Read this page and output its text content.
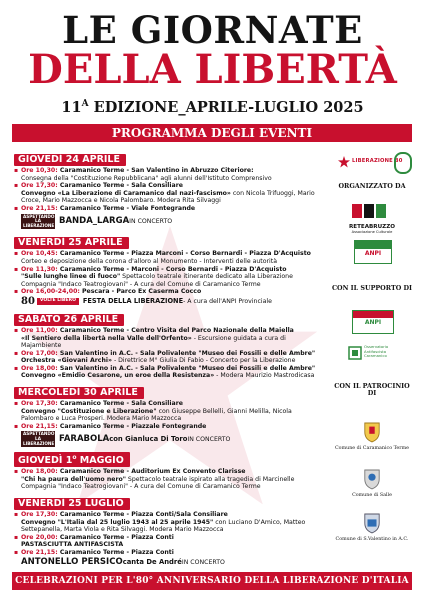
LE GIORNATE
DELLA LIBERTÀ
$11^A$ EDIZIONE_APRILE-LUGLIO 2025
PROGRAMMA DEGLI EVENTI
GIOVEDÌ 24 APRILE
▪ Ore 10,30: Caramanico Terme - San Valentino in Abruzzo Citeriore:
Consegna della "Costituzione Repubblicana" agli alunni dell'Istituto Comprensivo
▪ Ore 17,30: Caramanico Terme - Sala Consiliare
Convegno «La Liberazione di Caramanico dal nazi-fascismo» con Nicola Trifuoggi, Mario Croce, Mario Mazzocca e Nicola Palombaro. Modera Rita Silvaggi
▪ Ore 21,15: Caramanico Terme - Viale Fontegrande
ASPETTANDO LA LIBERAZIONE BANDA_LARGA IN CONCERTO
VENERDÌ 25 APRILE
▪ Ore 10,45: Caramanico Terme - Piazza Marconi - Corso Bernardi - Piazza D'Acquisto
Corteo e deposizione della corona d'alloro al Monumento - Interventi delle autorità
▪ Ore 11,30: Caramanico Terme - Marconi - Corso Bernardi - Piazza D'Acquisto
"Sulle lunghe linee di fuoco" Spettacolo teatrale itinerante dedicato alla Liberazione
Compagnia "Indaco Teatrogiovani" - A cura del Comune di Caramanico Terme
▪ Ore 16,00-24,00: Pescara - Parco Ex Caserma Cocco
80	VOLTE LIBERO	FESTA DELLA LIBERAZIONE - A cura dell'ANPI Provinciale
SABATO 26 APRILE
▪ Ore 11,00: Caramanico Terme - Centro Visita del Parco Nazionale della Maiella
«Il Sentiero della libertà nella Valle dell'Orfento» - Escursione guidata a cura di Majambiente
▪ Ore 17,00: San Valentino in A.C. - Sala Polivalente "Museo dei Fossili e delle Ambre"
Orchestra «Giovani Archi» - Direttrice M° Giulia Di Fabio - Concerto per la Liberazione
▪ Ore 18,00: San Valentino in A.C. - Sala Polivalente "Museo dei Fossili e delle Ambre"
Convegno «Emidio Cesarone, un eroe della Resistenza» - Modera Maurizio Mastrodicasa
MERCOLEDÌ 30 APRILE
▪ Ore 17,30: Caramanico Terme - Sala Consiliare
Convegno "Costituzione e Liberazione" con Giuseppe Bellelli, Gianni Melilla, Nicola Palombaro e Luca Prosperi. Modera Mario Mazzocca
▪ Ore 21,15: Caramanico Terme - Piazzale Fontegrande
ASPETTANDO LA LIBERAZIONE FARABOLA con Gianluca Di Toro IN CONCERTO
GIOVEDÌ 1$^o$ MAGGIO
▪ Ore 18,00: Caramanico Terme - Auditorium Ex Convento Clarisse
"Chi ha paura dell'uomo nero" Spettacolo teatrale ispirato alla tragedia di Marcinelle
Compagnia "Indaco Teatrogiovani" - A cura del Comune di Caramanico Terme
VENERDÌ 25 LUGLIO
▪ Ore 17,30: Caramanico Terme - Piazza Conti/Sala Consiliare
Convegno "L'Italia dal 25 luglio 1943 al 25 aprile 1945" con Luciano D'Amico, Matteo Settepanella, Marta Viola e Rita Silvaggi. Modera Mario Mazzocca
▪ Ore 20,00: Caramanico Terme - Piazza Conti
PASTASCIUTTA ANTIFASCISTA
▪ Ore 21,15: Caramanico Terme - Piazza Conti
ANTONELLO PERSICO canta De André IN CONCERTO
LIBERAZIONE 80
ORGANIZZATO DA
RETEABRUZZO
Associazione Culturale
ANPI
CON IL SUPPORTO DI
ANPI
Osservatorio Antifascista Caramanico
CON IL PATROCINIO DI
Comune di Caramanico Terme
Comune di Salle
Comune di S.Valentino in A.C.
CELEBRAZIONI PER L'80° ANNIVERSARIO DELLA LIBERAZIONE D'ITALIA
